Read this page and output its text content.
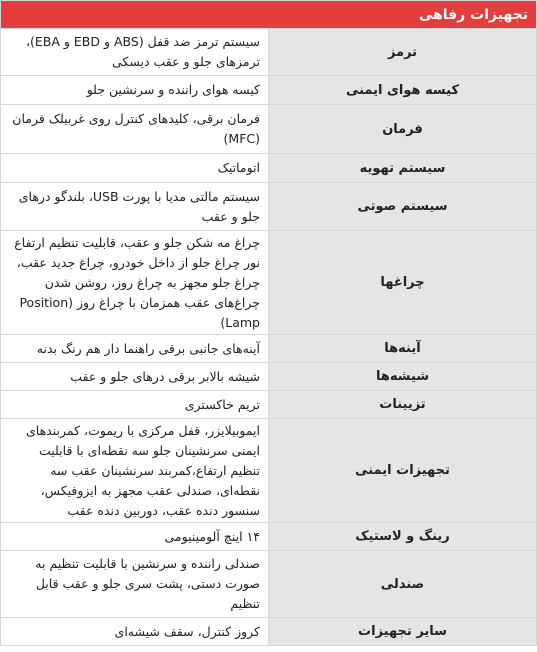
تجهیزات رفاهی	
ترمز	سیستم ترمز ضد قفل (ABS و EBD و EBA)، ترمزهای جلو و عقب دیسکی
کیسه هوای ایمنی	کیسه هوای راننده و سرنشین جلو
فرمان	فرمان برقی، کلیدهای کنترل روی غربیلک فرمان (MFC)
سیستم تهویه	اتوماتیک
سیستم صوتی	سیستم مالتی مدیا با پورت USB، بلندگو درهای جلو و عقب
چراغها	چراغ مه شکن جلو و عقب، قابلیت تنظیم ارتفاع نور چراغ جلو از داخل خودرو، چراغ جدید عقب، چراغ جلو مجهز به چراغ روز، روشن شدن چراغ‌های عقب همزمان با چراغ روز (Position Lamp)
آینه‌ها	آینه‌های جانبی برقی راهنما دار هم رنگ بدنه
شیشه‌ها	شیشه بالابر برقی درهای جلو و عقب
تزیینات	تریم خاکستری
تجهیزات ایمنی	ایموبیلایزر، قفل مرکزی با ریموت، کمربندهای ایمنی سرنشینان جلو سه نقطه‌ای با قابلیت تنظیم ارتفاع،کمربند سرنشینان عقب سه نقطه‌ای، صندلی عقب مجهز به ایزوفیکس، سنسور دنده عقب، دوربین دنده عقب
رینگ و لاستیک	۱۴ اینچ آلومینیومی
صندلی	صندلی راننده و سرنشین با قابلیت تنظیم به صورت دستی، پشت سری جلو و عقب قابل تنظیم
سایر تجهیزات	کروز کنترل، سقف شیشه‌ای
